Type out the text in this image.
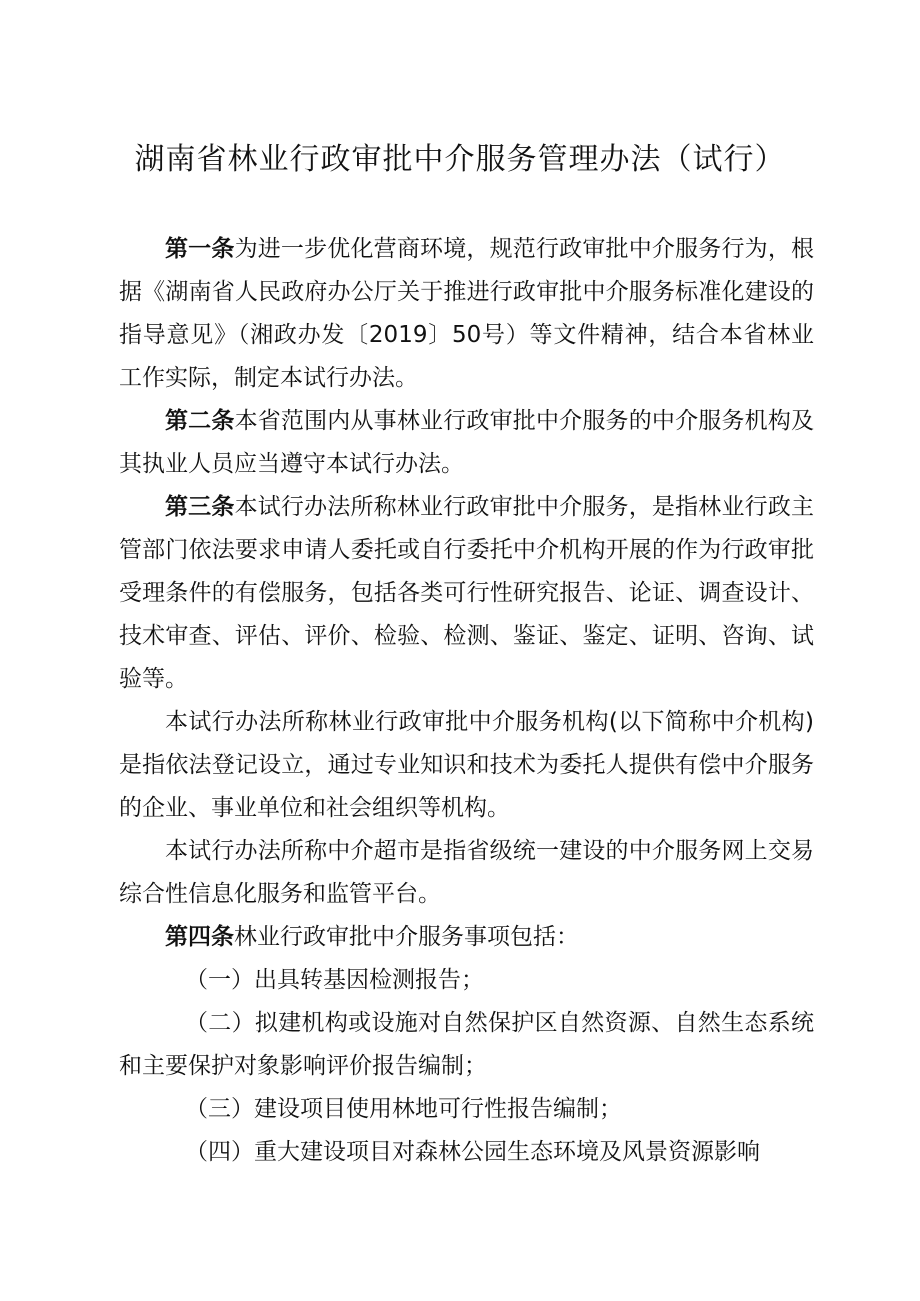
湖南省林业行政审批中介服务管理办法（试行）

第一条为进一步优化营商环境，规范行政审批中介服务行为，根据《湖南省人民政府办公厅关于推进行政审批中介服务标准化建设的指导意见》（湘政办发〔2019〕50号）等文件精神，结合本省林业工作实际，制定本试行办法。

第二条本省范围内从事林业行政审批中介服务的中介服务机构及其执业人员应当遵守本试行办法。

第三条本试行办法所称林业行政审批中介服务，是指林业行政主管部门依法要求申请人委托或自行委托中介机构开展的作为行政审批受理条件的有偿服务，包括各类可行性研究报告、论证、调查设计、技术审查、评估、评价、检验、检测、鉴证、鉴定、证明、咨询、试验等。

本试行办法所称林业行政审批中介服务机构(以下简称中介机构)是指依法登记设立，通过专业知识和技术为委托人提供有偿中介服务的企业、事业单位和社会组织等机构。

本试行办法所称中介超市是指省级统一建设的中介服务网上交易综合性信息化服务和监管平台。

第四条林业行政审批中介服务事项包括：

（一）出具转基因检测报告；

（二）拟建机构或设施对自然保护区自然资源、自然生态系统和主要保护对象影响评价报告编制；

（三）建设项目使用林地可行性报告编制；

（四）重大建设项目对森林公园生态环境及风景资源影响
